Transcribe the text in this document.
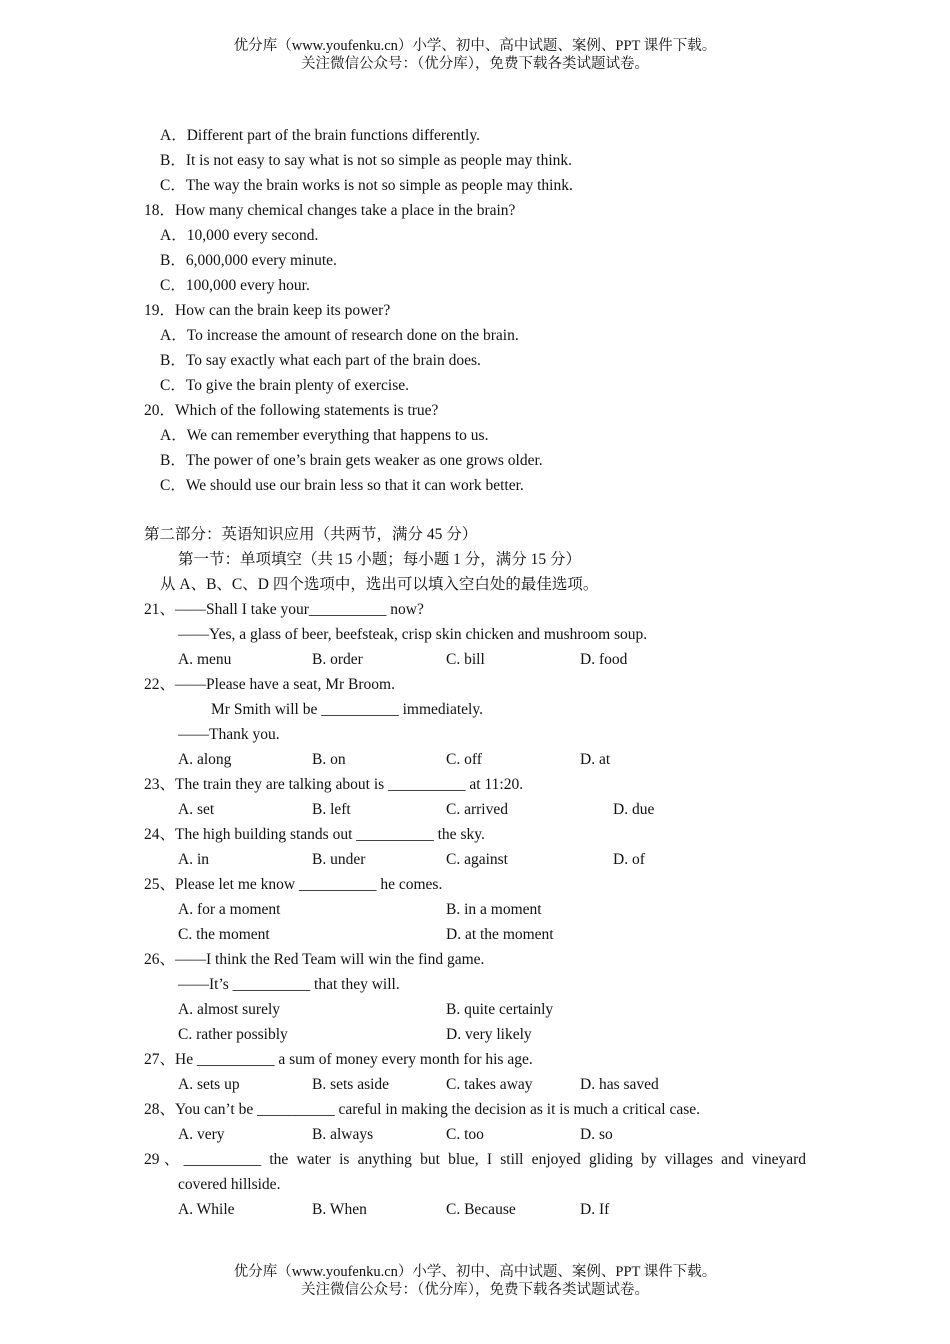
优分库（www.youfenku.cn）小学、初中、高中试题、案例、PPT 课件下载。
关注微信公众号：（优分库），免费下载各类试题试卷。
A．Different part of the brain functions differently.
B．It is not easy to say what is not so simple as people may think.
C．The way the brain works is not so simple as people may think.
18．How many chemical changes take a place in the brain?
A．10,000 every second.
B．6,000,000 every minute.
C．100,000 every hour.
19．How can the brain keep its power?
A．To increase the amount of research done on the brain.
B．To say exactly what each part of the brain does.
C．To give the brain plenty of exercise.
20．Which of the following statements is true?
A．We can remember everything that happens to us.
B．The power of one’s brain gets weaker as one grows older.
C．We should use our brain less so that it can work better.
第二部分：英语知识应用（共两节，满分 45 分）
第一节：单项填空（共 15 小题；每小题 1 分，满分 15 分）
从 A、B、C、D 四个选项中，选出可以填入空白处的最佳选项。
21、——Shall I take your__________ now?
——Yes, a glass of beer, beefsteak, crisp skin chicken and mushroom soup.
A. menu	B. order	C. bill	D. food
22、——Please have a seat, Mr Broom.
Mr Smith will be __________ immediately.
——Thank you.
A. along	B. on	C. off	D. at
23、The train they are talking about is __________ at 11:20.
A. set	B. left	C. arrived	D. due
24、The high building stands out __________ the sky.
A. in	B. under	C. against	D. of
25、Please let me know __________ he comes.
A. for a moment	B. in a moment
C. the moment	D. at the moment
26、——I think the Red Team will win the find game.
——It’s __________ that they will.
A. almost surely	B. quite certainly
C. rather possibly	D. very likely
27、He __________ a sum of money every month for his age.
A. sets up	B. sets aside	C. takes away	D. has saved
28、You can’t be __________ careful in making the decision as it is much a critical case.
A. very	B. always	C. too	D. so
29、__________ the water is anything but blue, I still enjoyed gliding by villages and vineyard
covered hillside.
A. While	B. When	C. Because	D. If
优分库（www.youfenku.cn）小学、初中、高中试题、案例、PPT 课件下载。
关注微信公众号：（优分库），免费下载各类试题试卷。
